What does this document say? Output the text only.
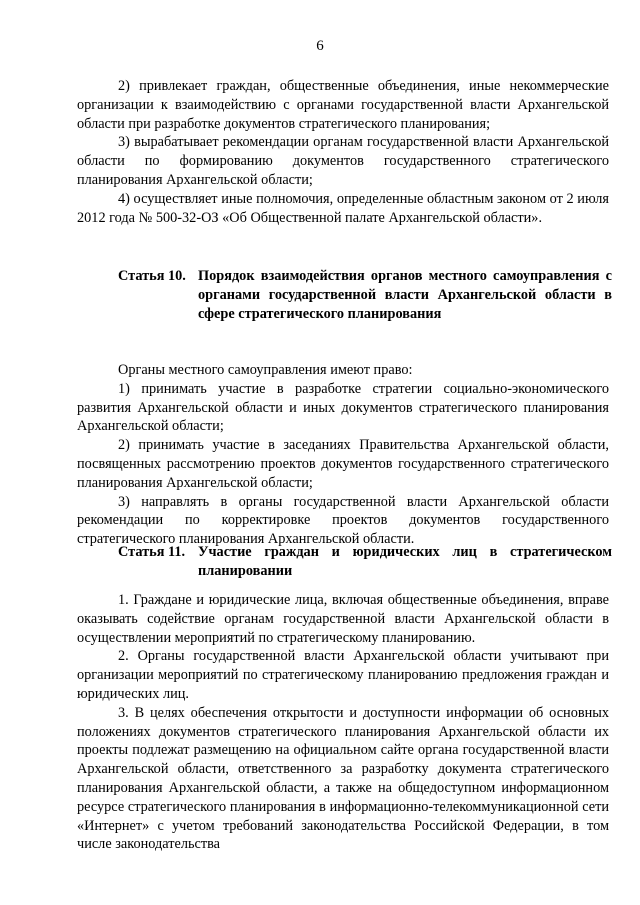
6

2) привлекает граждан, общественные объединения, иные некоммерческие организации к взаимодействию с органами государственной власти Архангельской области при разработке документов стратегического планирования;

3) вырабатывает рекомендации органам государственной власти Архангельской области по формированию документов государственного стратегического планирования Архангельской области;

4) осуществляет иные полномочия, определенные областным законом от 2 июля 2012 года № 500-32-ОЗ «Об Общественной палате Архангельской области».

Статья 10. Порядок взаимодействия органов местного самоуправления с органами государственной власти Архангельской области в сфере стратегического планирования

Органы местного самоуправления имеют право:

1) принимать участие в разработке стратегии социально-экономического развития Архангельской области и иных документов стратегического планирования Архангельской области;

2) принимать участие в заседаниях Правительства Архангельской области, посвященных рассмотрению проектов документов государственного стратегического планирования Архангельской области;

3) направлять в органы государственной власти Архангельской области рекомендации по корректировке проектов документов государственного стратегического планирования Архангельской области.

Статья 11. Участие граждан и юридических лиц в стратегическом планировании

1. Граждане и юридические лица, включая общественные объединения, вправе оказывать содействие органам государственной власти Архангельской области в осуществлении мероприятий по стратегическому планированию.

2. Органы государственной власти Архангельской области учитывают при организации мероприятий по стратегическому планированию предложения граждан и юридических лиц.

3. В целях обеспечения открытости и доступности информации об основных положениях документов стратегического планирования Архангельской области их проекты подлежат размещению на официальном сайте органа государственной власти Архангельской области, ответственного за разработку документа стратегического планирования Архангельской области, а также на общедоступном информационном ресурсе стратегического планирования в информационно-телекоммуникационной сети «Интернет» с учетом требований законодательства Российской Федерации, в том числе законодательства
